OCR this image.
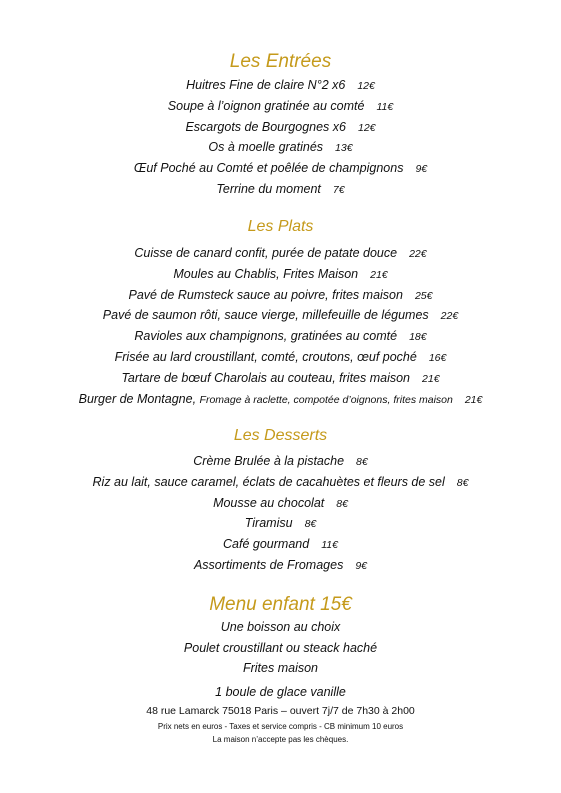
Les Entrées
Huitres Fine de claire N°2 x6 12€
Soupe à l’oignon gratinée au comté 11€
Escargots de Bourgognes x6 12€
Os à moelle gratinés 13€
Œuf Poché au Comté et poêlée de champignons 9€
Terrine du moment 7€
Les Plats
Cuisse de canard confit, purée de patate douce 22€
Moules au Chablis, Frites Maison 21€
Pavé de Rumsteck sauce au poivre, frites maison 25€
Pavé de saumon rôti, sauce vierge, millefeuille de légumes 22€
Ravioles aux champignons, gratinées au comté 18€
Frisée au lard croustillant, comté, croutons, œuf poché 16€
Tartare de bœuf Charolais au couteau, frites maison 21€
Burger de Montagne, Fromage à raclette, compotée d’oignons, frites maison 21€
Les Desserts
Crème Brulée à la pistache 8€
Riz au lait, sauce caramel, éclats de cacahuètes et fleurs de sel 8€
Mousse au chocolat 8€
Tiramisu 8€
Café gourmand 11€
Assortiments de Fromages 9€
Menu enfant 15€
Une boisson au choix
Poulet croustillant ou steack haché
Frites maison
1 boule de glace vanille
48 rue Lamarck 75018 Paris – ouvert 7j/7 de 7h30 à 2h00
Prix nets en euros - Taxes et service compris - CB minimum 10 euros
La maison n’accepte pas les chèques.
